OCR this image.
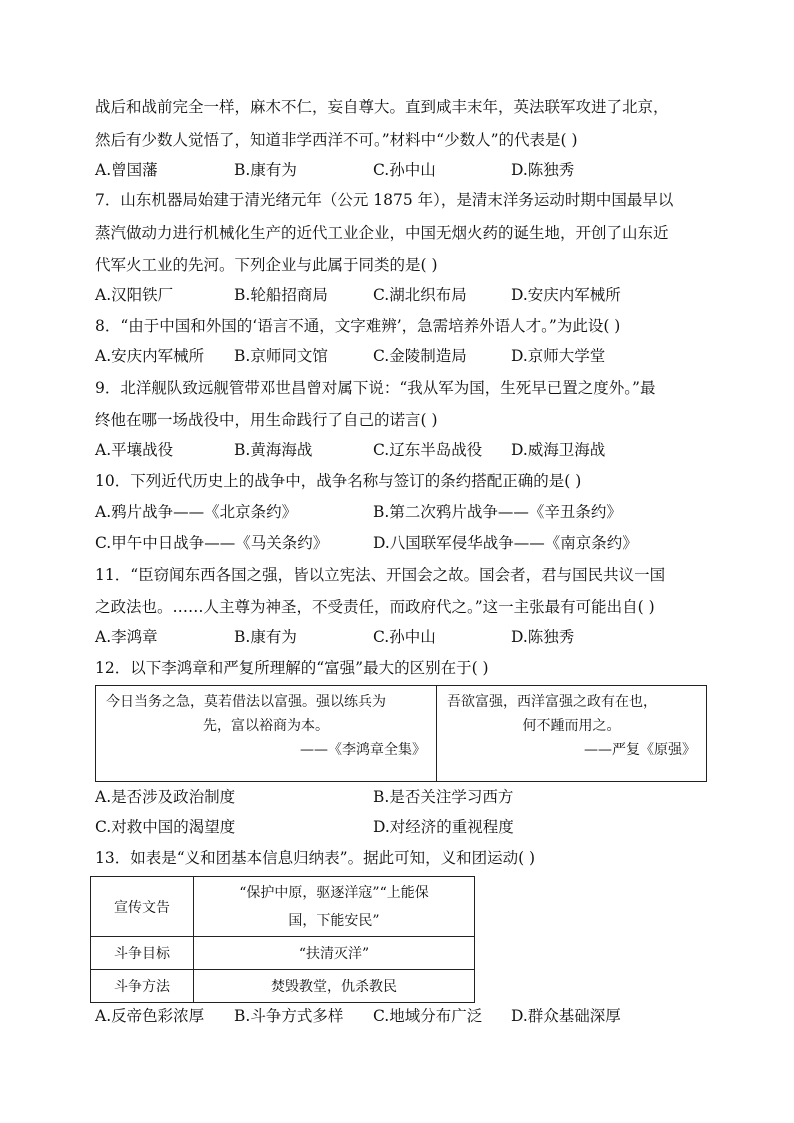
战后和战前完全一样，麻木不仁，妄自尊大。直到咸丰末年，英法联军攻进了北京，
然后有少数人觉悟了，知道非学西洋不可。”材料中“少数人”的代表是( )
A.曾国藩	B.康有为	C.孙中山	D.陈独秀
7．山东机器局始建于清光绪元年（公元 1875 年），是清末洋务运动时期中国最早以
蒸汽做动力进行机械化生产的近代工业企业，中国无烟火药的诞生地，开创了山东近
代军火工业的先河。下列企业与此属于同类的是( )
A.汉阳铁厂	B.轮船招商局	C.湖北织布局	D.安庆内军械所
8．“由于中国和外国的‘语言不通，文字难辨’，急需培养外语人才。”为此设( )
A.安庆内军械所 B.京师同文馆	C.金陵制造局	D.京师大学堂
9．北洋舰队致远舰管带邓世昌曾对属下说：“我从军为国，生死早已置之度外。”最
终他在哪一场战役中，用生命践行了自己的诺言( )
A.平壤战役	B.黄海海战	C.辽东半岛战役 D.威海卫海战
10．下列近代历史上的战争中，战争名称与签订的条约搭配正确的是( )
A.鸦片战争——《北京条约》	B.第二次鸦片战争——《辛丑条约》
C.甲午中日战争——《马关条约》	D.八国联军侵华战争——《南京条约》
11．“臣窃闻东西各国之强，皆以立宪法、开国会之故。国会者，君与国民共议一国
之政法也。……人主尊为神圣，不受责任，而政府代之。”这一主张最有可能出自( )
A.李鸿章	B.康有为	C.孙中山	D.陈独秀
12．以下李鸿章和严复所理解的“富强”最大的区别在于( )
今日当务之急，莫若借法以富强。强以练兵为
先，富以裕商为本。
——《李鸿章全集》

吾欲富强，西洋富强之政有在也，
何不踵而用之。
——严复《原强》
A.是否涉及政治制度	B.是否关注学习西方
C.对救中国的渴望度	D.对经济的重视程度
13．如表是“义和团基本信息归纳表”。据此可知，义和团运动( )
宣传文告	“保护中原，驱逐洋寇”“上能保
国，下能安民”

斗争目标	“扶清灭洋”
斗争方法	焚毁教堂，仇杀教民
A.反帝色彩浓厚 B.斗争方式多样 C.地域分布广泛 D.群众基础深厚
